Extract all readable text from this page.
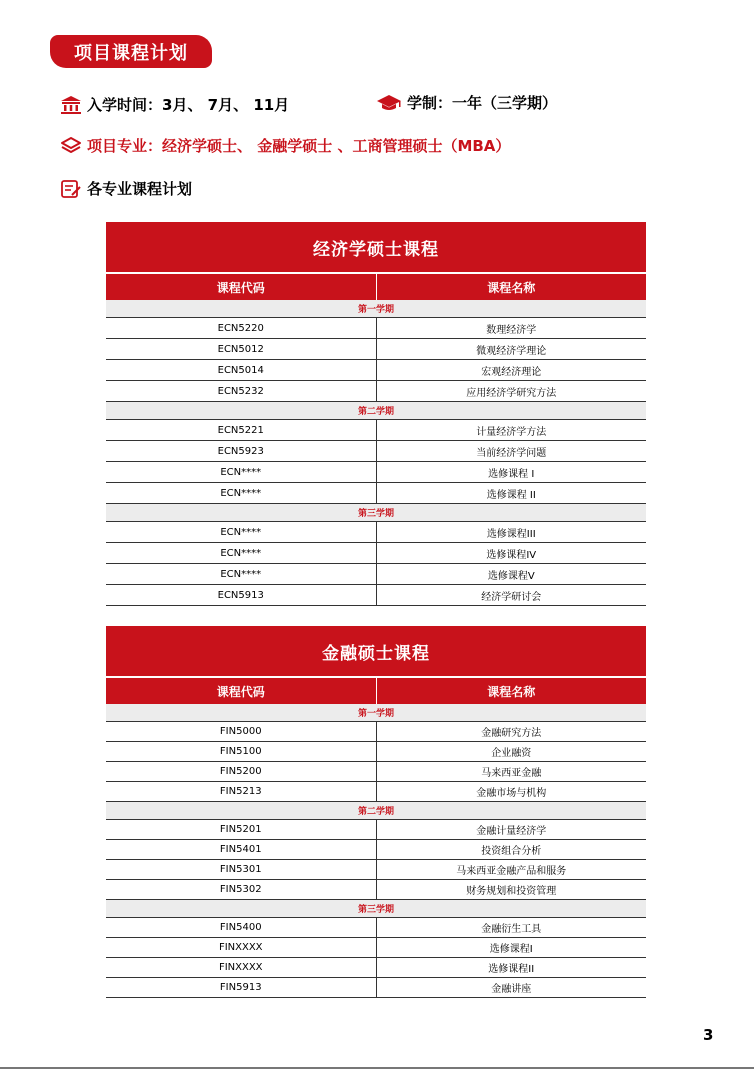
项目课程计划
入学时间：3月、 7月、 11月	学制：一年（三学期）
项目专业：经济学硕士、 金融学硕士 、工商管理硕士（MBA）
各专业课程计划
经济学硕士课程
课程代码	课程名称
第一学期
ECN5220	数理经济学
ECN5012	微观经济学理论
ECN5014	宏观经济理论
ECN5232	应用经济学研究方法
第二学期
ECN5221	计量经济学方法
ECN5923	当前经济学问题
ECN****	选修课程 I
ECN****	选修课程 II
第三学期
ECN****	选修课程III
ECN****	选修课程IV
ECN****	选修课程V
ECN5913	经济学研讨会
金融硕士课程
课程代码	课程名称
第一学期
FIN5000	金融研究方法
FIN5100	企业融资
FIN5200	马来西亚金融
FIN5213	金融市场与机构
第二学期
FIN5201	金融计量经济学
FIN5401	投资组合分析
FIN5301	马来西亚金融产品和服务
FIN5302	财务规划和投资管理
第三学期
FIN5400	金融衍生工具
FINXXXX	选修课程I
FINXXXX	选修课程II
FIN5913	金融讲座
3
